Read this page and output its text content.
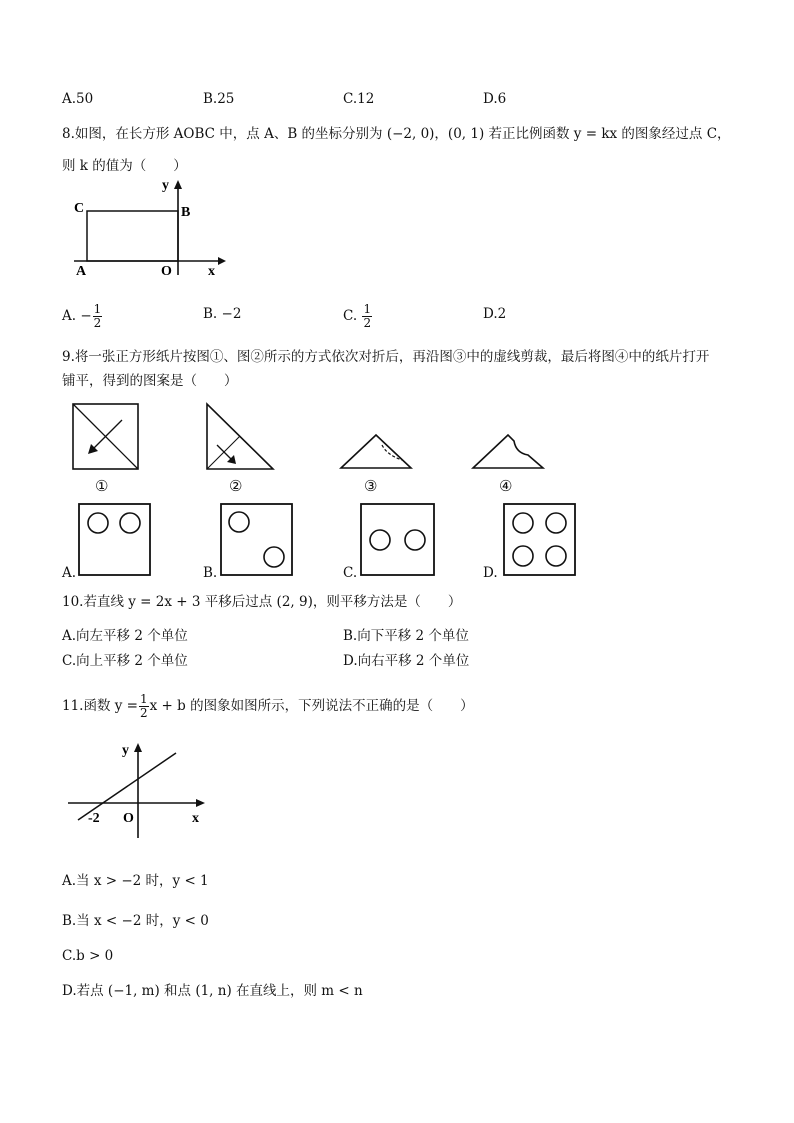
A.50	B.25	C.12	D.6
8.如图，在长方形 AOBC 中，点 A、B 的坐标分别为 (−2, 0)，(0, 1) 若正比例函数 y = kx 的图象经过点 C，
则 k 的值为（　　）
y
C	B
A	O	x
A. − $\frac{1}{2}$	B. −2	C. $\frac{1}{2}$	D.2
9.将一张正方形纸片按图①、图②所示的方式依次对折后，再沿图③中的虚线剪裁，最后将图④中的纸片打开
铺平，得到的图案是（　　）
①	②	③	④
A.	B.	C.	D.
10.若直线 y = 2x + 3 平移后过点 (2, 9)，则平移方法是（　　）
A.向左平移 2 个单位	B.向下平移 2 个单位
C.向上平移 2 个单位	D.向右平移 2 个单位
11.函数 $y = \frac{1}{2}$ x + b 的图象如图所示，下列说法不正确的是（　　）
y
-2 O	x
A.当 x > −2 时，y < 1
B.当 x < −2 时，y < 0
C.b > 0
D.若点 (−1, m) 和点 (1, n) 在直线上，则 m < n
